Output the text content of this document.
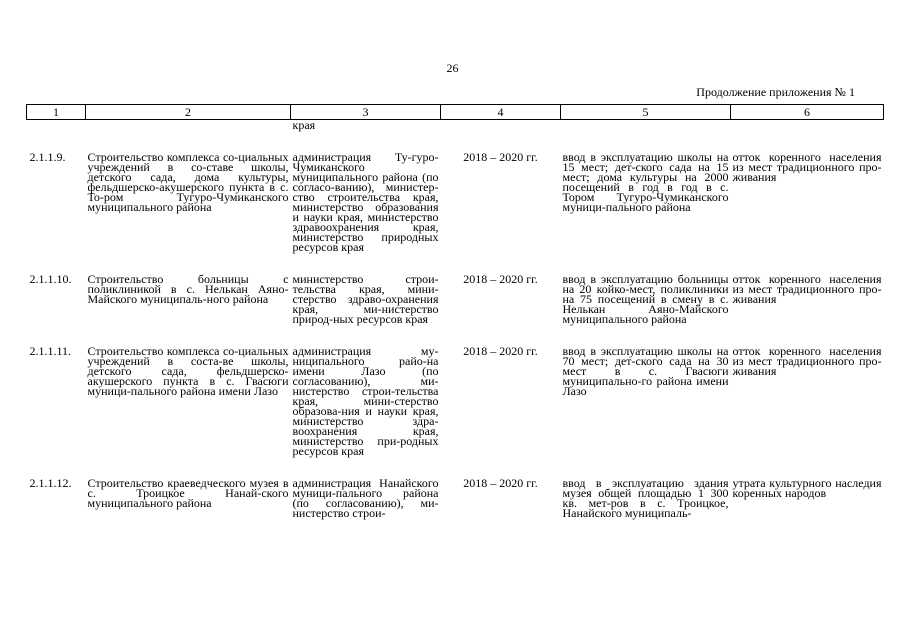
26
Продолжение приложения № 1
1	2	3	4	5	6
		края			

2.1.1.9.	Строительство комплекса со-циальных учреждений в со-ставе школы, детского сада, дома культуры, фельдшерско-акушерского пункта в с. То-ром Тугуро-Чумиканского муниципального района	администрация Ту-гуро-Чумиканского муниципального района (по согласо-ванию), министер-ство строительства края, министерство образования и науки края, министерство здравоохранения края, министерство природных ресурсов края	2018 – 2020 гг.	ввод в эксплуатацию школы на 15 мест; дет-ского сада на 15 мест; дома культуры на 2000 посещений в год в год в с. Тором Тугуро-Чумиканского муници-пального района	отток коренного населения из мест традиционного про-живания

2.1.1.10.	Строительство больницы с поликлиникой в с. Нелькан Аяно-Майского муниципаль-ного района	министерство строи-тельства края, мини-стерство здраво-охранения края, ми-нистерство природ-ных ресурсов края	2018 – 2020 гг.	ввод в эксплуатацию больницы на 20 койко-мест, поликлиники на 75 посещений в смену в с. Нелькан Аяно-Майского муниципального района	отток коренного населения из мест традиционного про-живания

2.1.1.11.	Строительство комплекса со-циальных учреждений в соста-ве школы, детского сада, фельдшерско-акушерского пункта в с. Гвасюги муници-пального района имени Лазо	администрация му-ниципального райо-на имени Лазо (по согласованию), ми-нистерство строи-тельства края, мини-стерство образова-ния и науки края, министерство здра-воохранения края, министерство при-родных ресурсов края	2018 – 2020 гг.	ввод в эксплуатацию школы на 70 мест; дет-ского сада на 30 мест в с. Гвасюги муниципально-го района имени Лазо	отток коренного населения из мест традиционного про-живания

2.1.1.12.	Строительство краеведческого музея в с. Троицкое Нанай-ского муниципального района	администрация Нанайского муници-пального района (по согласованию), ми-нистерство строи-	2018 – 2020 гг.	ввод в эксплуатацию здания музея общей площадью 1 300 кв. мет-ров в с. Троицкое, Нанайского муниципаль-	утрата культурного наследия коренных народов
